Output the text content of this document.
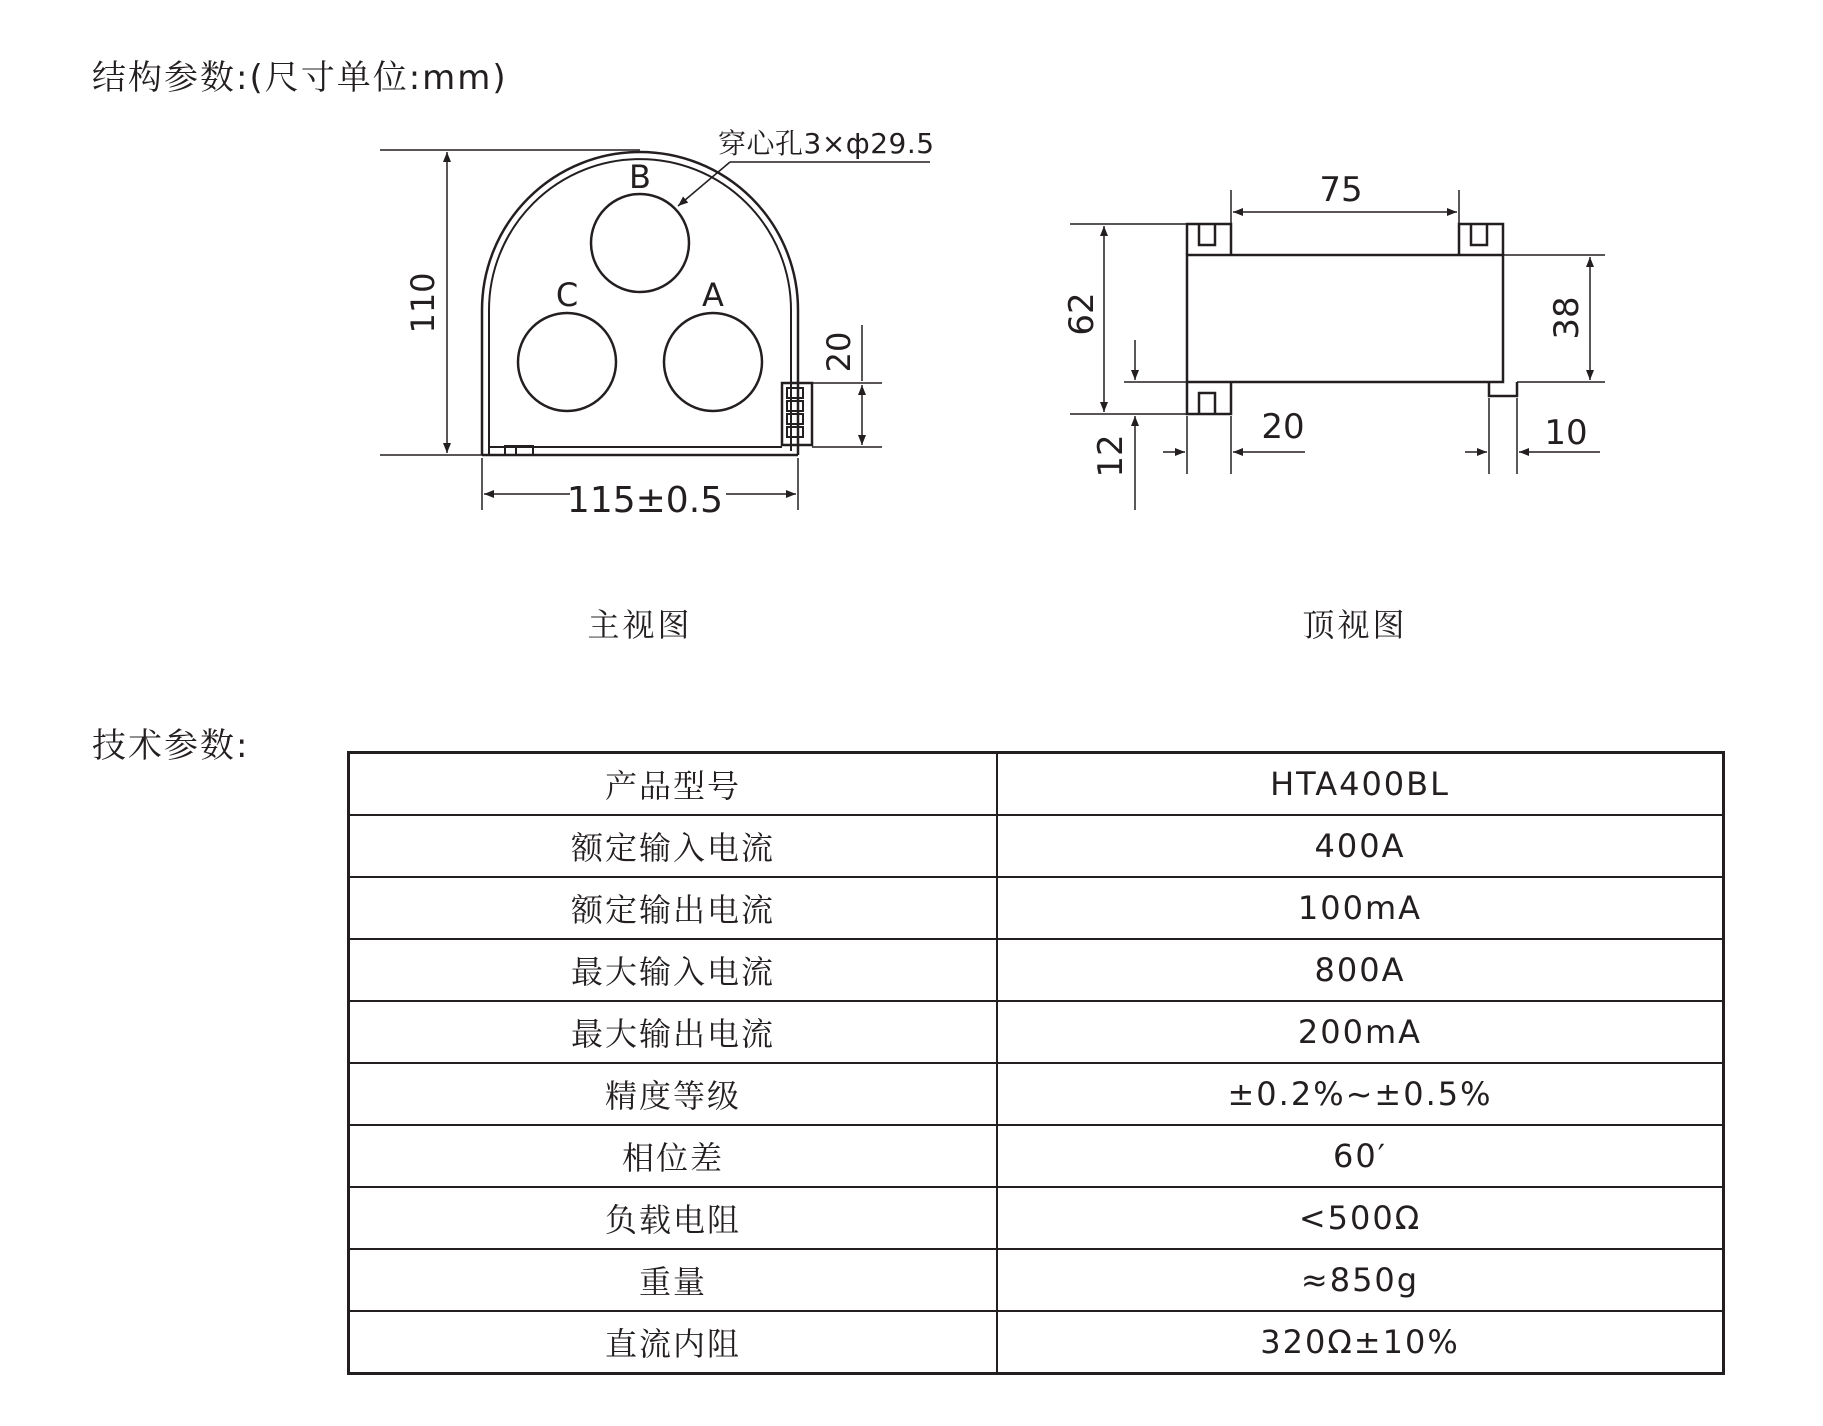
结构参数:(尺寸单位:mm)
技术参数:
穿心孔3×ф29.5
B
C	A
110
115±0.5
20
75
62	38
12
20	10
主视图	顶视图
产品型号	HTA400BL
额定输入电流	400A
额定输出电流	100mA
最大输入电流	800A
最大输出电流	200mA
精度等级	±0.2%~±0.5%
相位差	60′
负载电阻	<500Ω
重量	≈850g
直流内阻	320Ω±10%
